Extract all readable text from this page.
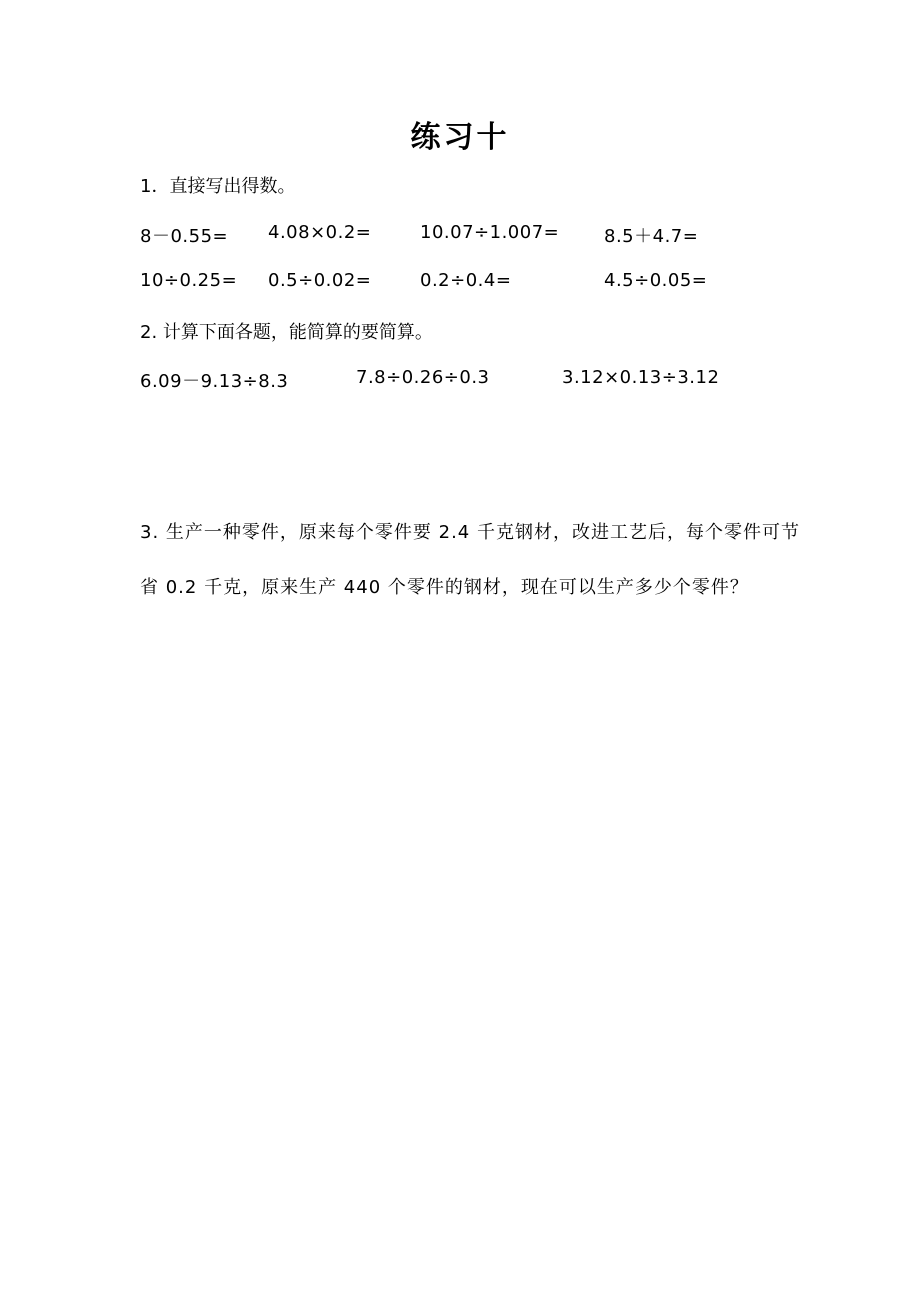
练习十
1．直接写出得数。
8－0.55= 4.08×0.2=	10.07÷1.007= 8.5＋4.7=
10÷0.25= 0.5÷0.02=	0.2÷0.4=	4.5÷0.05=
2. 计算下面各题，能简算的要简算。
6.09－9.13÷8.3	7.8÷0.26÷0.3	3.12×0.13÷3.12
3. 生产一种零件，原来每个零件要 2.4 千克钢材，改进工艺后，每个零件可节省 0.2 千克，原来生产 440 个零件的钢材，现在可以生产多少个零件？
